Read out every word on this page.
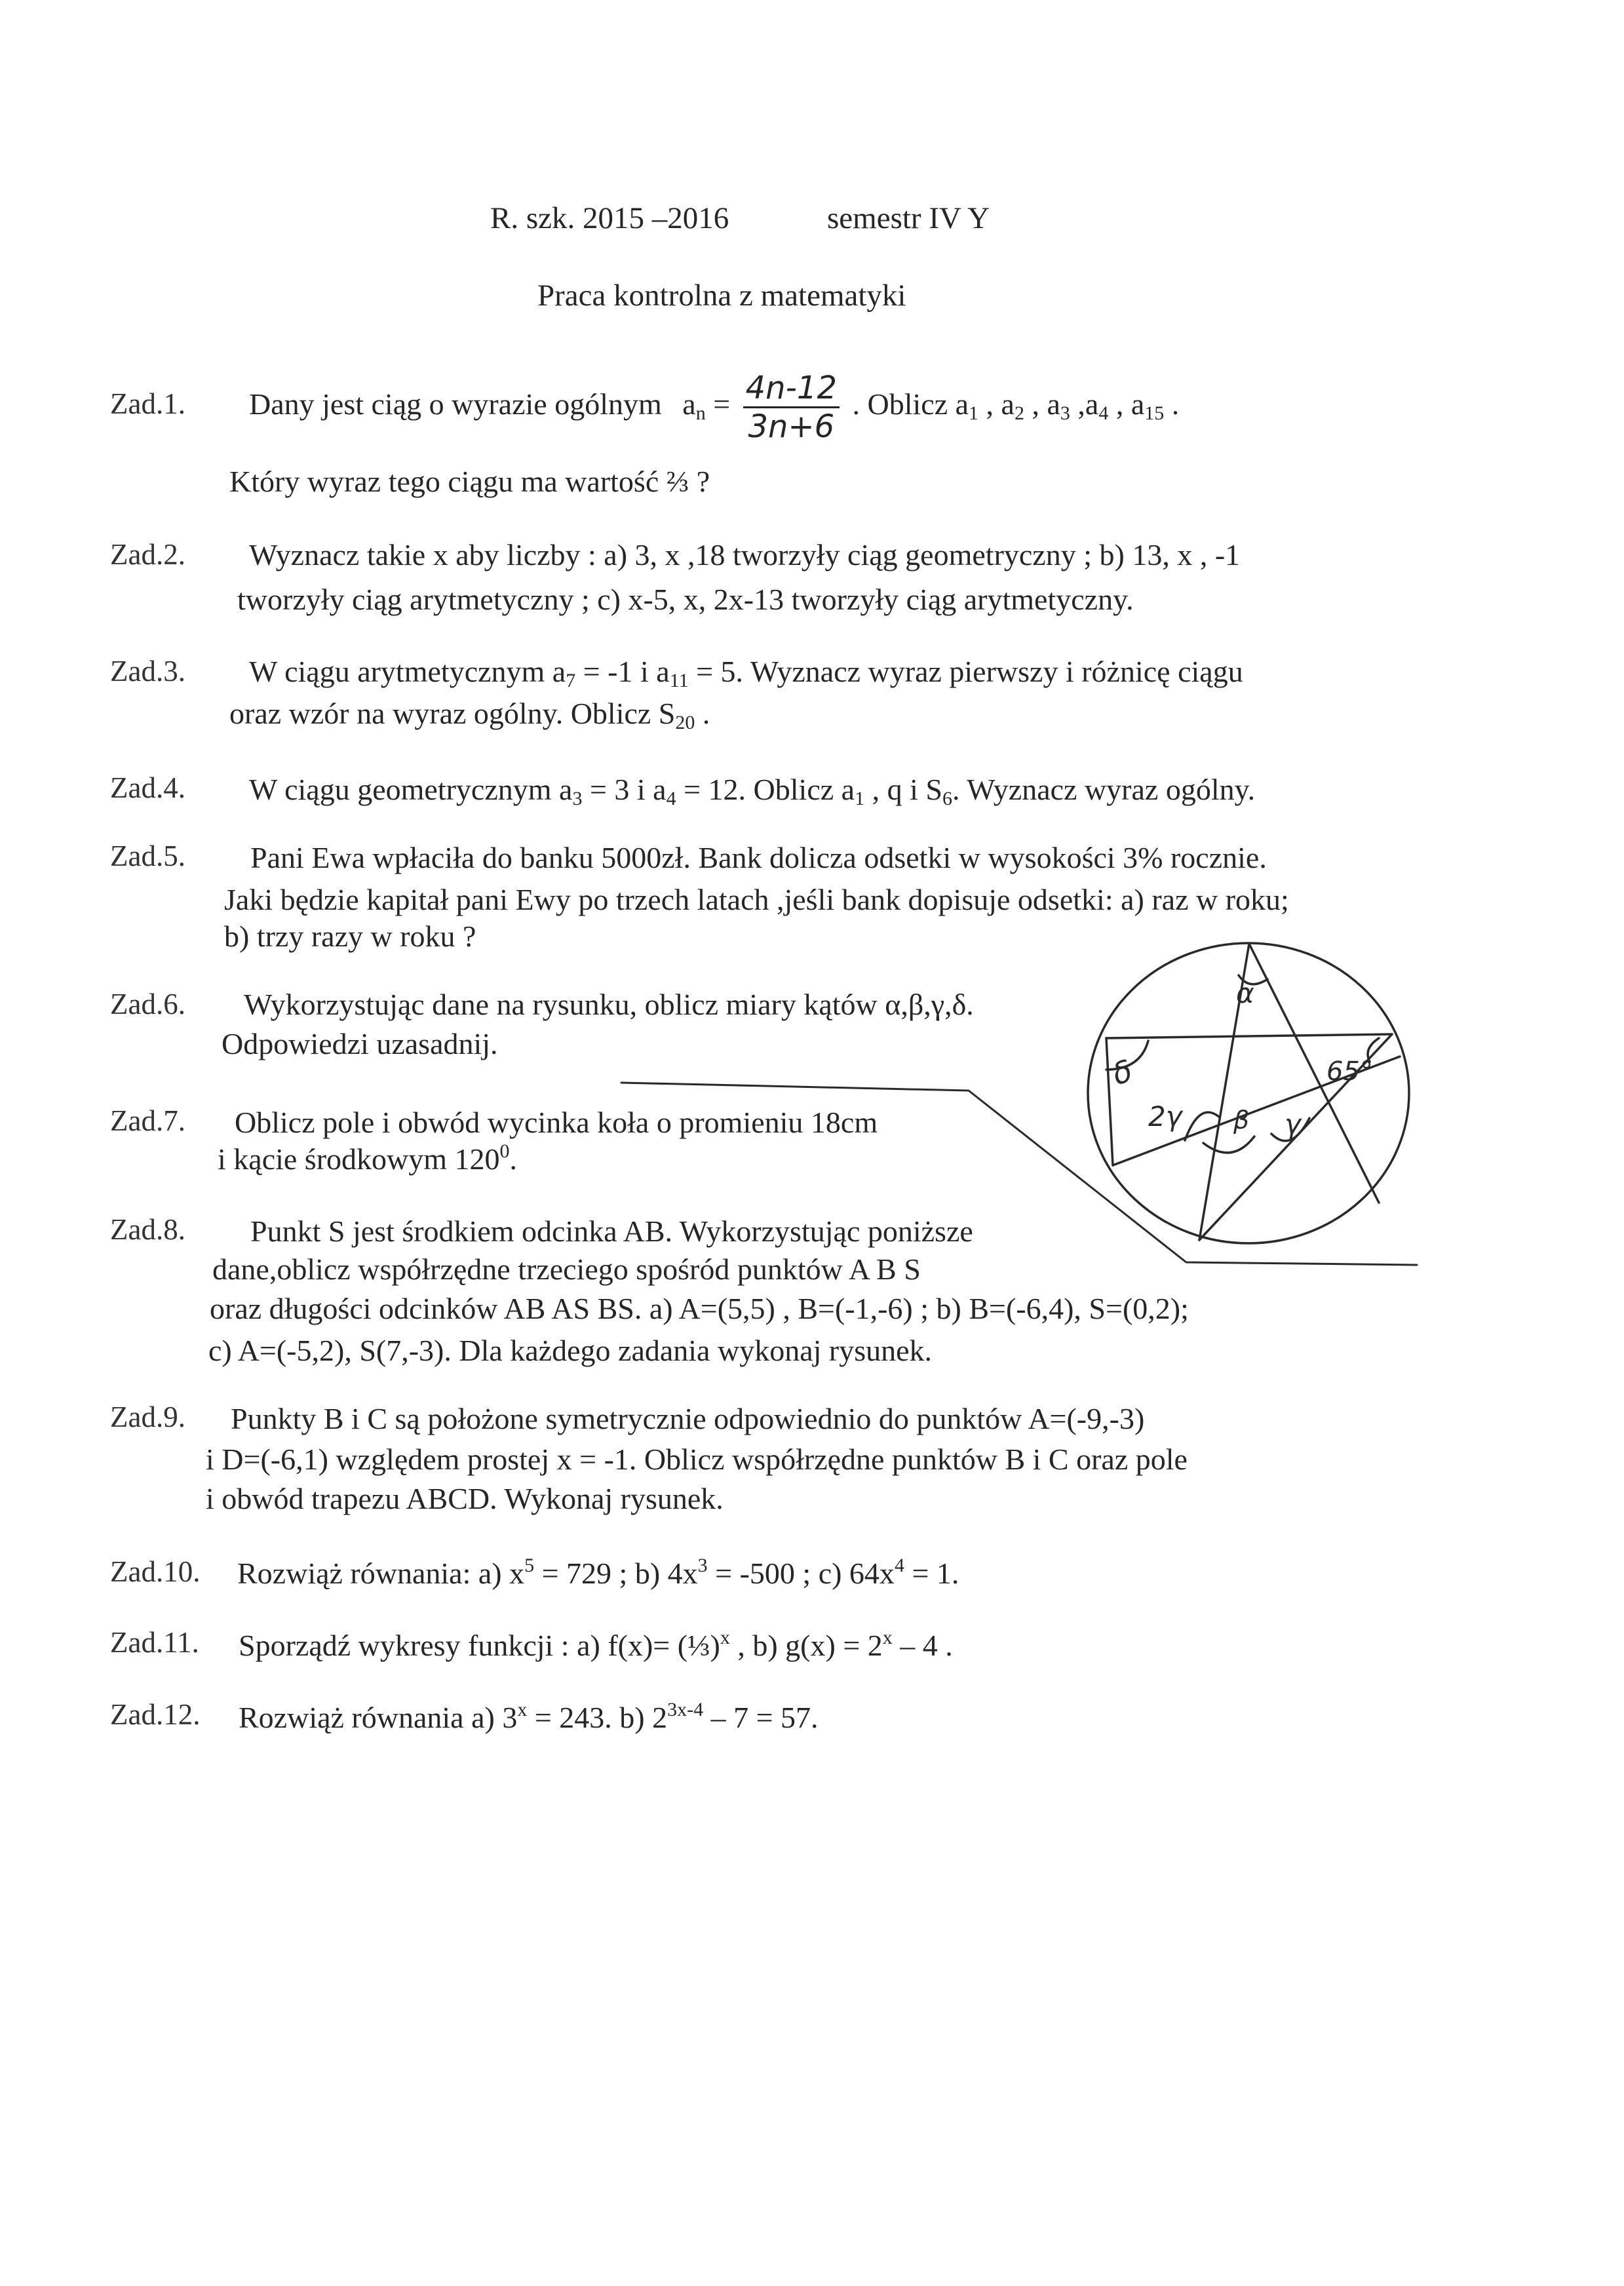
R. szk. 2015 –2016	semestr IV Y
Praca kontrolna z matematyki
Zad.1. Dany jest ciąg o wyrazie ogólnym $a_n = \frac{4n-12}{3n+6}$ . Oblicz $a_1$ , $a_2$ , $a_3$ $,a_4$ , $a_{15}$ .
Który wyraz tego ciągu ma wartość ⅔ ?
Zad.2. Wyznacz takie x aby liczby : a) 3, x ,18 tworzyły ciąg geometryczny ; b) 13, x , -1
tworzyły ciąg arytmetyczny ; c) x-5, x, 2x-13 tworzyły ciąg arytmetyczny.
Zad.3. W ciągu arytmetycznym $a_7 = -1$ i $a_{11} = 5$. Wyznacz wyraz pierwszy i różnicę ciągu
oraz wzór na wyraz ogólny. Oblicz $S_{20}$ .
Zad.4. W ciągu geometrycznym $a_3 = 3$ i $a_4 = 12$. Oblicz $a_1$ , q i $S_6$. Wyznacz wyraz ogólny.
Zad.5. Pani Ewa wpłaciła do banku 5000zł. Bank dolicza odsetki w wysokości 3% rocznie.
Jaki będzie kapitał pani Ewy po trzech latach ,jeśli bank dopisuje odsetki: a) raz w roku;
b) trzy razy w roku ?
Zad.6. Wykorzystując dane na rysunku, oblicz miary kątów α,β,γ,δ.
Odpowiedzi uzasadnij.
Zad.7. Oblicz pole i obwód wycinka koła o promieniu 18cm
i kącie środkowym $120^0$.
Zad.8. Punkt S jest środkiem odcinka AB. Wykorzystując poniższe
dane,oblicz współrzędne trzeciego spośród punktów A B S
oraz długości odcinków AB AS BS. a) A=(5,5) , B=(-1,-6) ; b) B=(-6,4), S=(0,2);
c) A=(-5,2), S(7,-3). Dla każdego zadania wykonaj rysunek.
Zad.9. Punkty B i C są położone symetrycznie odpowiednio do punktów A=(-9,-3)
i D=(-6,1) względem prostej x = -1. Oblicz współrzędne punktów B i C oraz pole
i obwód trapezu ABCD. Wykonaj rysunek.
Zad.10. Rozwiąż równania: a) $x^5 = 729$ ; b) $4x^3 = -500$ ; c) $64x^4 = 1$.
Zad.11. Sporządź wykresy funkcji : a) f(x)= (⅓)$^x$ , b) $g(x) = 2^x - 4$ .
Zad.12. Rozwiąż równania a) $3^x = 243$. b) $2^{3x-4} - 7 = 57$.
α
δ
2γ β γ
65°
